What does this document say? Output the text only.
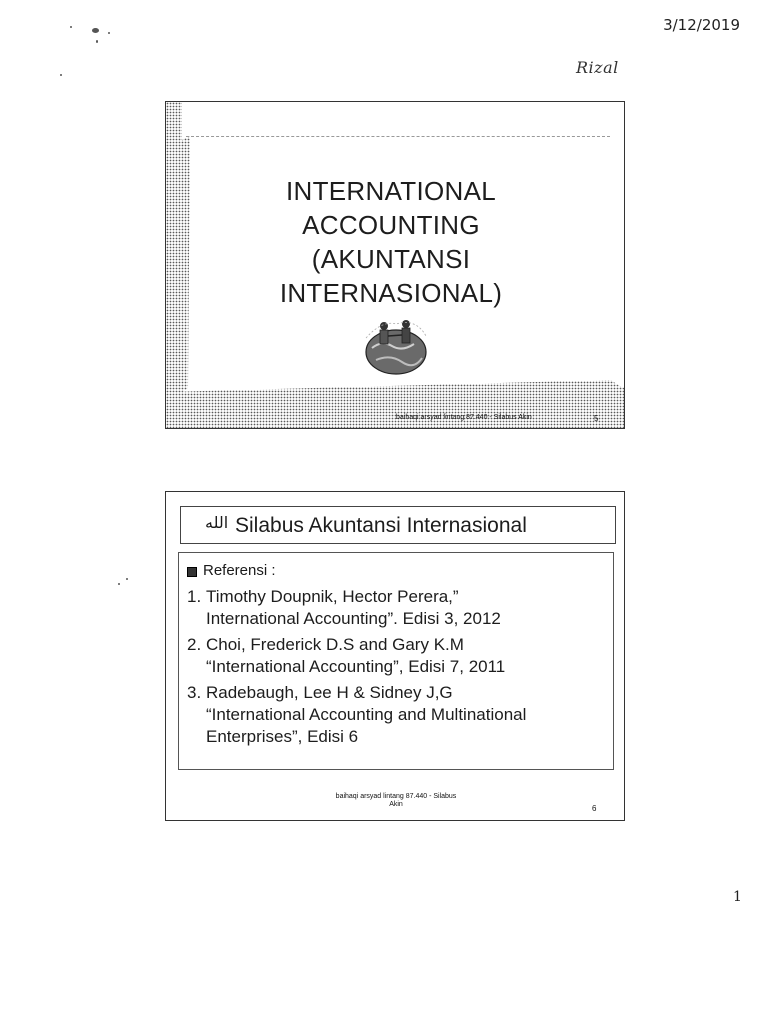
3/12/2019
Rizal
INTERNATIONAL
ACCOUNTING
(AKUNTANSI
INTERNASIONAL)
baihaqi arsyad lintang 87.440 - Silabus Akin	5
الله Silabus Akuntansi Internasional
Referensi :
1. Timothy Doupnik, Hector Perera,”
International Accounting”. Edisi 3, 2012
2. Choi, Frederick D.S and Gary K.M
“International Accounting”, Edisi 7, 2011
3. Radebaugh, Lee H & Sidney J,G
“International Accounting and Multinational
Enterprises”, Edisi 6
baihaqi arsyad lintang 87.440 - Silabus
Akin	6
1
